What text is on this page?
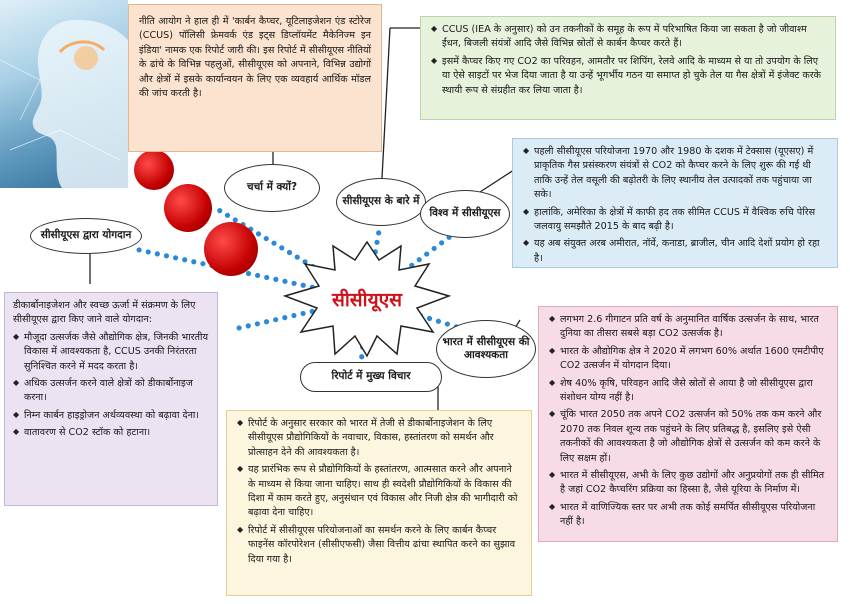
नीति आयोग ने हाल ही में 'कार्बन कैप्चर, यूटिलाइजेशन एंड स्टोरेज (CCUS) पॉलिसी फ्रेमवर्क एंड इट्स डिप्लॉयमेंट मैकेनिज्म इन इंडिया' नामक एक रिपोर्ट जारी की। इस रिपोर्ट में सीसीयूएस नीतियों के ढांचे के विभिन्न पहलुओं, सीसीयूएस को अपनाने, विभिन्न उद्योगों और क्षेत्रों में इसके कार्यान्वयन के लिए एक व्यवहार्य आर्थिक मॉडल की जांच करती है।

◆ CCUS (IEA के अनुसार) को उन तकनीकों के समूह के रूप में परिभाषित किया जा सकता है जो जीवाश्म ईंधन, बिजली संयंत्रों आदि जैसे विभिन्न स्रोतों से कार्बन कैप्चर करते हैं।
◆ इसमें कैप्चर किए गए CO2 का परिवहन, आमतौर पर शिपिंग, रेलवे आदि के माध्यम से या तो उपयोग के लिए या ऐसे साइटों पर भेज दिया जाता है या उन्हें भूगर्भीय गठन या समाप्त हो चुके तेल या गैस क्षेत्रों में इंजेक्ट करके स्थायी रूप से संग्रहीत कर लिया जाता है।
◆ पहली सीसीयूएस परियोजना 1970 और 1980 के दशक में टेक्सास (यूएसए) में प्राकृतिक गैस प्रसंस्करण संयंत्रों से CO2 को कैप्चर करने के लिए शुरू की गई थी ताकि उन्हें तेल वसूली की बढ़ोतरी के लिए स्थानीय तेल उत्पादकों तक पहुंचाया जा सके।
◆ हालांकि, अमेरिका के क्षेत्रों में काफी हद तक सीमित CCUS में वैश्विक रुचि पेरिस जलवायु समझौते 2015 के बाद बढ़ी है।
◆ यह अब संयुक्त अरब अमीरात, नॉर्वे, कनाडा, ब्राजील, चीन आदि देशों प्रयोग हो रहा है।
◆ लगभग 2.6 गीगाटन प्रति वर्ष के अनुमानित वार्षिक उत्सर्जन के साथ, भारत दुनिया का तीसरा सबसे बड़ा CO2 उत्सर्जक है।
◆ भारत के औद्योगिक क्षेत्र ने 2020 में लगभग 60% अर्थात 1600 एमटीपीए CO2 उत्सर्जन में योगदान दिया।
◆ शेष 40% कृषि, परिवहन आदि जैसे स्रोतों से आया है जो सीसीयूएस द्वारा संशोधन योग्य नहीं है।
◆ चूंकि भारत 2050 तक अपने CO2 उत्सर्जन को 50% तक कम करने और 2070 तक निवल शून्य तक पहुंचने के लिए प्रतिबद्ध है, इसलिए इसे ऐसी तकनीकों की आवश्यकता है जो औद्योगिक क्षेत्रों से उत्सर्जन को कम करने के लिए सक्षम हों।
◆ भारत में सीसीयूएस, अभी के लिए कुछ उद्योगों और अनुप्रयोगों तक ही सीमित है जहां CO2 कैप्चरिंग प्रक्रिया का हिस्सा है, जैसे यूरिया के निर्माण में।
◆ भारत में वाणिज्यिक स्तर पर अभी तक कोई समर्पित सीसीयूएस परियोजना नहीं है।
◆ रिपोर्ट के अनुसार सरकार को भारत में तेजी से डीकार्बोनाइजेशन के लिए सीसीयूएस प्रौद्योगिकियों के नवाचार, विकास, हस्तांतरण को समर्थन और प्रोत्साहन देने की आवश्यकता है।
◆ यह प्रारंभिक रूप से प्रौद्योगिकियों के हस्तांतरण, आत्मसात करने और अपनाने के माध्यम से किया जाना चाहिए। साथ ही स्वदेशी प्रौद्योगिकियों के विकास की दिशा में काम करते हुए, अनुसंधान एवं विकास और निजी क्षेत्र की भागीदारी को बढ़ावा देना चाहिए।
◆ रिपोर्ट में सीसीयूएस परियोजनाओं का समर्थन करने के लिए कार्बन कैप्चर फाइनेंस कॉरपोरेशन (सीसीएफसी) जैसा वित्तीय ढांचा स्थापित करने का सुझाव दिया गया है।

डीकार्बोनाइजेशन और स्वच्छ ऊर्जा में संक्रमण के लिए सीसीयूएस द्वारा किए जाने वाले योगदान:

◆ मौजूदा उत्सर्जक जैसे औद्योगिक क्षेत्र, जिनकी भारतीय विकास में आवश्यकता है, CCUS उनकी निरंतरता सुनिश्चित करने में मदद करता है।
◆ अधिक उत्सर्जन करने वाले क्षेत्रों को डीकार्बोनाइज करना।
◆ निम्न कार्बन हाइड्रोजन अर्थव्यवस्था को बढ़ावा देना।
◆ वातावरण से CO2 स्टॉक को हटाना।
चर्चा में क्यों?
सीसीयूएस के बारे में
विश्व में सीसीयूएस
भारत में सीसीयूएस की आवश्यकता
रिपोर्ट में मुख्य विचार
सीसीयूएस द्वारा योगदान
सीसीयूएस
